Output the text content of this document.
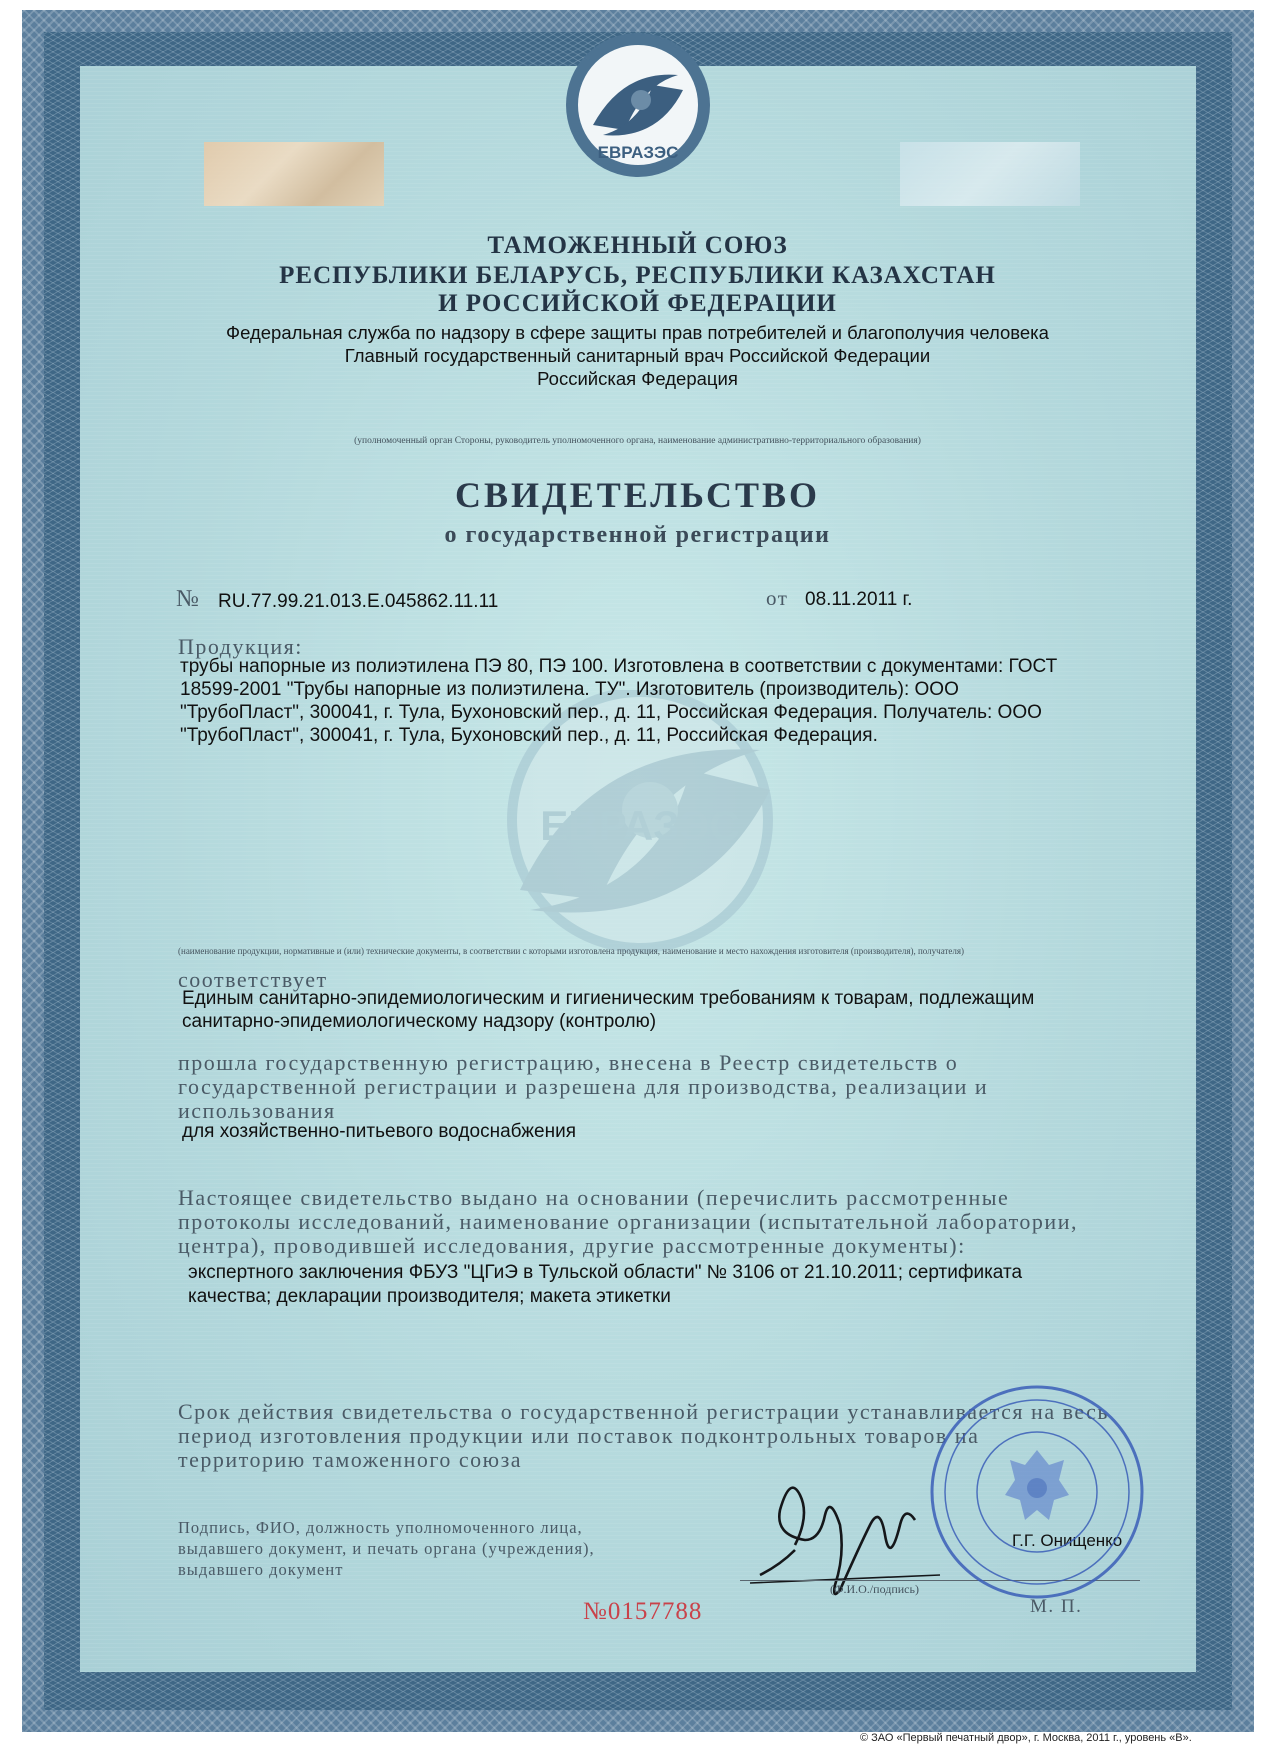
ЕВРАЗЭС
ЕВРАЗЭС
ТАМОЖЕННЫЙ СОЮЗ
РЕСПУБЛИКИ БЕЛАРУСЬ, РЕСПУБЛИКИ КАЗАХСТАН
И РОССИЙСКОЙ ФЕДЕРАЦИИ
Федеральная служба по надзору в сфере защиты прав потребителей и благополучия человека
Главный государственный санитарный врач Российской Федерации
Российская Федерация
(уполномоченный орган Стороны, руководитель уполномоченного органа, наименование административно-территориального образования)
СВИДЕТЕЛЬСТВО
о государственной регистрации
№ RU.77.99.21.013.E.045862.11.11	от 08.11.2011 г.
Продукция:
трубы напорные из полиэтилена ПЭ 80, ПЭ 100. Изготовлена в соответствии с документами: ГОСТ
18599-2001 "Трубы напорные из полиэтилена. ТУ". Изготовитель (производитель): ООО
"ТрубоПласт", 300041, г. Тула, Бухоновский пер., д. 11, Российская Федерация. Получатель: ООО
"ТрубоПласт", 300041, г. Тула, Бухоновский пер., д. 11, Российская Федерация.
(наименование продукции, нормативные и (или) технические документы, в соответствии с которыми изготовлена продукция, наименование и место нахождения изготовителя (производителя), получателя)
соответствует
Единым санитарно-эпидемиологическим и гигиеническим требованиям к товарам, подлежащим
санитарно-эпидемиологическому надзору (контролю)
прошла государственную регистрацию, внесена в Реестр свидетельств о
государственной регистрации и разрешена для производства, реализации и
использования
для хозяйственно-питьевого водоснабжения
Настоящее свидетельство выдано на основании (перечислить рассмотренные
протоколы исследований, наименование организации (испытательной лаборатории,
центра), проводившей исследования, другие рассмотренные документы):
экспертного заключения ФБУЗ "ЦГиЭ в Тульской области" № 3106 от 21.10.2011; сертификата
качества; декларации производителя; макета этикетки
Срок действия свидетельства о государственной регистрации устанавливается на весь
период изготовления продукции или поставок подконтрольных товаров на
территорию таможенного союза
Подпись, ФИО, должность уполномоченного лица,
выдавшего документ, и печать органа (учреждения),
выдавшего документ
Г.Г. Онищенко
(Ф.И.О./подпись)
М. П.
№0157788
© ЗАО «Первый печатный двор», г. Москва, 2011 г., уровень «В».
